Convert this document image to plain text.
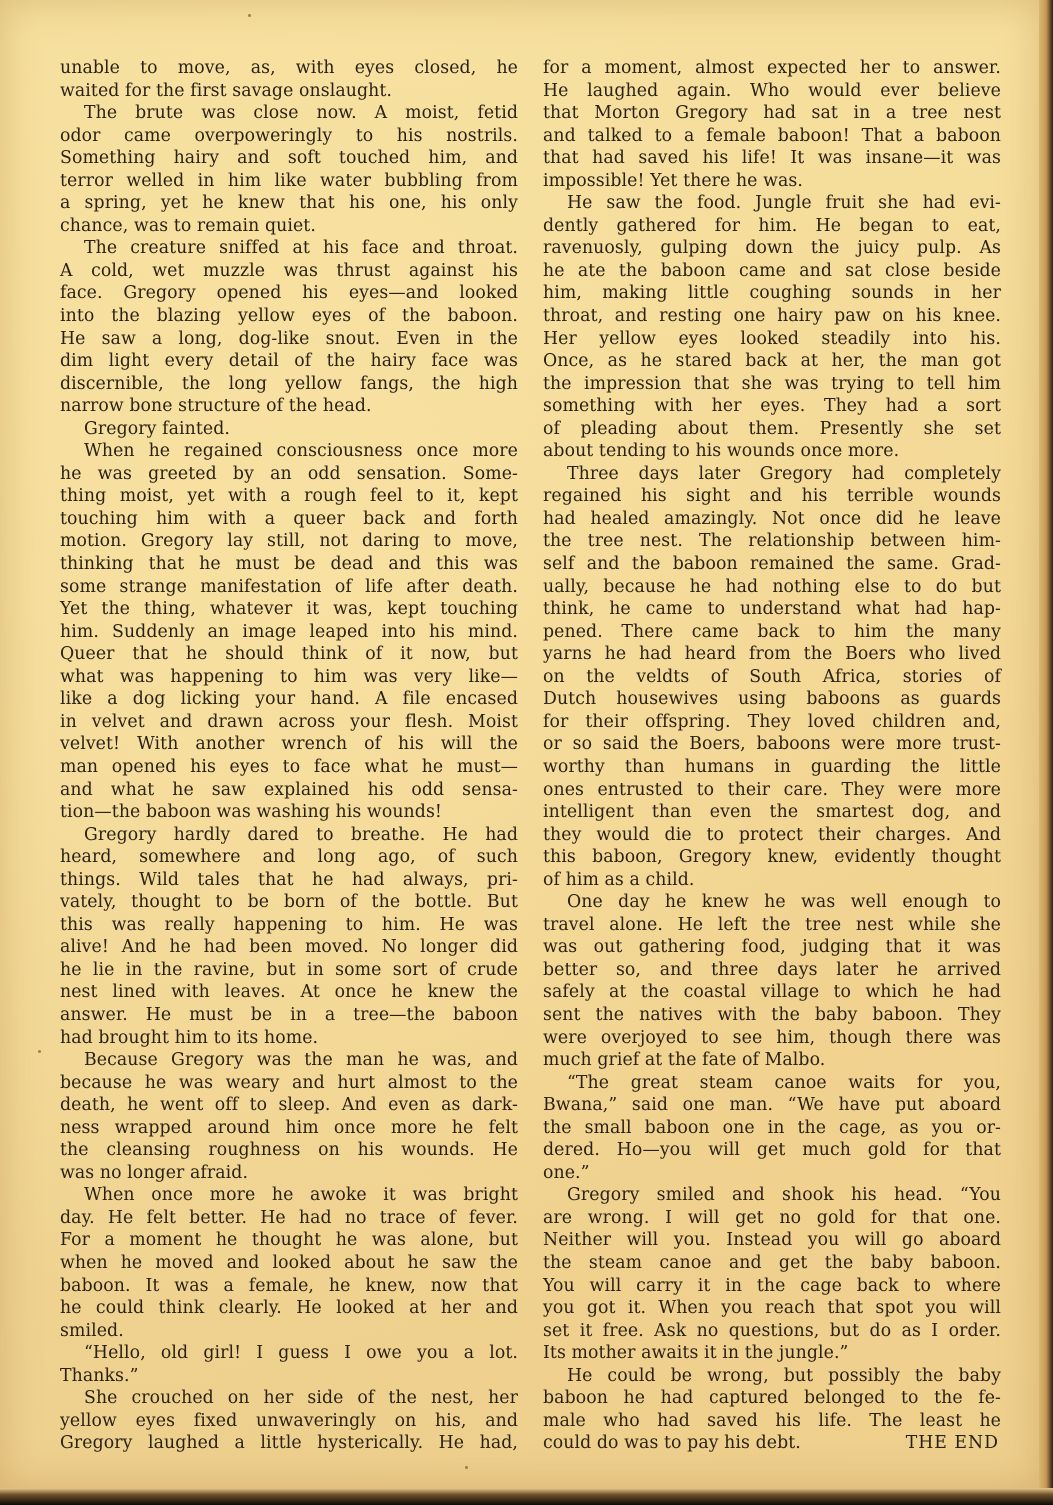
unable to move, as, with eyes closed, he
waited for the first savage onslaught.
The brute was close now. A moist, fetid
odor came overpoweringly to his nostrils.
Something hairy and soft touched him, and
terror welled in him like water bubbling from
a spring, yet he knew that his one, his only
chance, was to remain quiet.
The creature sniffed at his face and throat.
A cold, wet muzzle was thrust against his
face. Gregory opened his eyes—and looked
into the blazing yellow eyes of the baboon.
He saw a long, dog-like snout. Even in the
dim light every detail of the hairy face was
discernible, the long yellow fangs, the high
narrow bone structure of the head.
Gregory fainted.
When he regained consciousness once more
he was greeted by an odd sensation. Some-
thing moist, yet with a rough feel to it, kept
touching him with a queer back and forth
motion. Gregory lay still, not daring to move,
thinking that he must be dead and this was
some strange manifestation of life after death.
Yet the thing, whatever it was, kept touching
him. Suddenly an image leaped into his mind.
Queer that he should think of it now, but
what was happening to him was very like—
like a dog licking your hand. A file encased
in velvet and drawn across your flesh. Moist
velvet! With another wrench of his will the
man opened his eyes to face what he must—
and what he saw explained his odd sensa-
tion—the baboon was washing his wounds!
Gregory hardly dared to breathe. He had
heard, somewhere and long ago, of such
things. Wild tales that he had always, pri-
vately, thought to be born of the bottle. But
this was really happening to him. He was
alive! And he had been moved. No longer did
he lie in the ravine, but in some sort of crude
nest lined with leaves. At once he knew the
answer. He must be in a tree—the baboon
had brought him to its home.
Because Gregory was the man he was, and
because he was weary and hurt almost to the
death, he went off to sleep. And even as dark-
ness wrapped around him once more he felt
the cleansing roughness on his wounds. He
was no longer afraid.
When once more he awoke it was bright
day. He felt better. He had no trace of fever.
For a moment he thought he was alone, but
when he moved and looked about he saw the
baboon. It was a female, he knew, now that
he could think clearly. He looked at her and
smiled.
“Hello, old girl! I guess I owe you a lot.
Thanks.”
She crouched on her side of the nest, her
yellow eyes fixed unwaveringly on his, and
Gregory laughed a little hysterically. He had,
for a moment, almost expected her to answer.
He laughed again. Who would ever believe
that Morton Gregory had sat in a tree nest
and talked to a female baboon! That a baboon
that had saved his life! It was insane—it was
impossible! Yet there he was.
He saw the food. Jungle fruit she had evi-
dently gathered for him. He began to eat,
ravenuosly, gulping down the juicy pulp. As
he ate the baboon came and sat close beside
him, making little coughing sounds in her
throat, and resting one hairy paw on his knee.
Her yellow eyes looked steadily into his.
Once, as he stared back at her, the man got
the impression that she was trying to tell him
something with her eyes. They had a sort
of pleading about them. Presently she set
about tending to his wounds once more.
Three days later Gregory had completely
regained his sight and his terrible wounds
had healed amazingly. Not once did he leave
the tree nest. The relationship between him-
self and the baboon remained the same. Grad-
ually, because he had nothing else to do but
think, he came to understand what had hap-
pened. There came back to him the many
yarns he had heard from the Boers who lived
on the veldts of South Africa, stories of
Dutch housewives using baboons as guards
for their offspring. They loved children and,
or so said the Boers, baboons were more trust-
worthy than humans in guarding the little
ones entrusted to their care. They were more
intelligent than even the smartest dog, and
they would die to protect their charges. And
this baboon, Gregory knew, evidently thought
of him as a child.
One day he knew he was well enough to
travel alone. He left the tree nest while she
was out gathering food, judging that it was
better so, and three days later he arrived
safely at the coastal village to which he had
sent the natives with the baby baboon. They
were overjoyed to see him, though there was
much grief at the fate of Malbo.
“The great steam canoe waits for you,
Bwana,” said one man. “We have put aboard
the small baboon one in the cage, as you or-
dered. Ho—you will get much gold for that
one.”
Gregory smiled and shook his head. “You
are wrong. I will get no gold for that one.
Neither will you. Instead you will go aboard
the steam canoe and get the baby baboon.
You will carry it in the cage back to where
you got it. When you reach that spot you will
set it free. Ask no questions, but do as I order.
Its mother awaits it in the jungle.”
He could be wrong, but possibly the baby
baboon he had captured belonged to the fe-
male who had saved his life. The least he
could do was to pay his debt.	THE END
